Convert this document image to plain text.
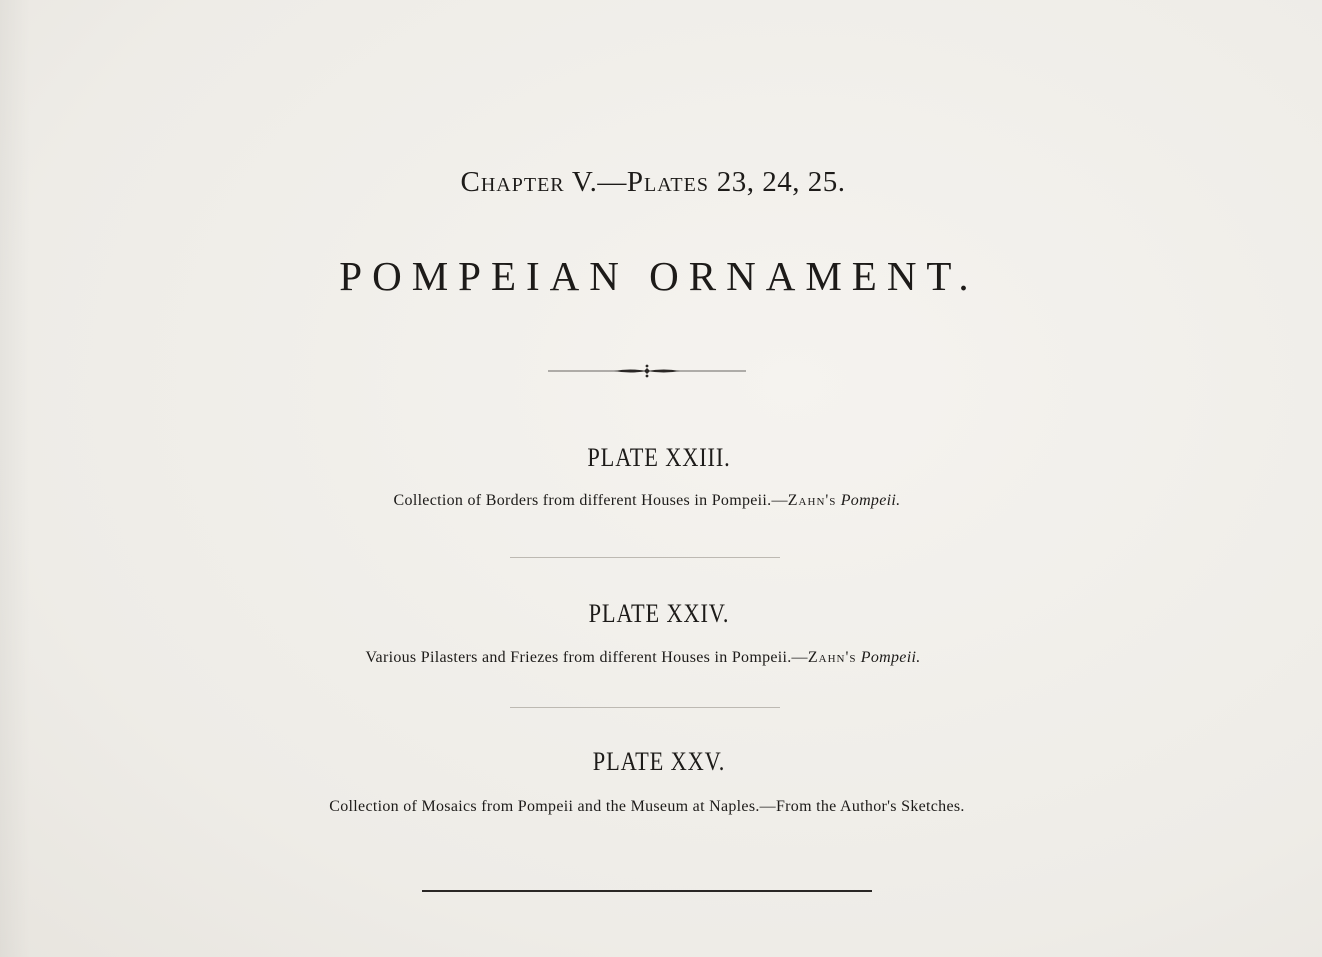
Chapter V.—Plates 23, 24, 25.
POMPEIAN ORNAMENT.
PLATE XXIII.
Collection of Borders from different Houses in Pompeii.—Zahn's Pompeii.
PLATE XXIV.
Various Pilasters and Friezes from different Houses in Pompeii.—Zahn's Pompeii.
PLATE XXV.
Collection of Mosaics from Pompeii and the Museum at Naples.—From the Author's Sketches.
